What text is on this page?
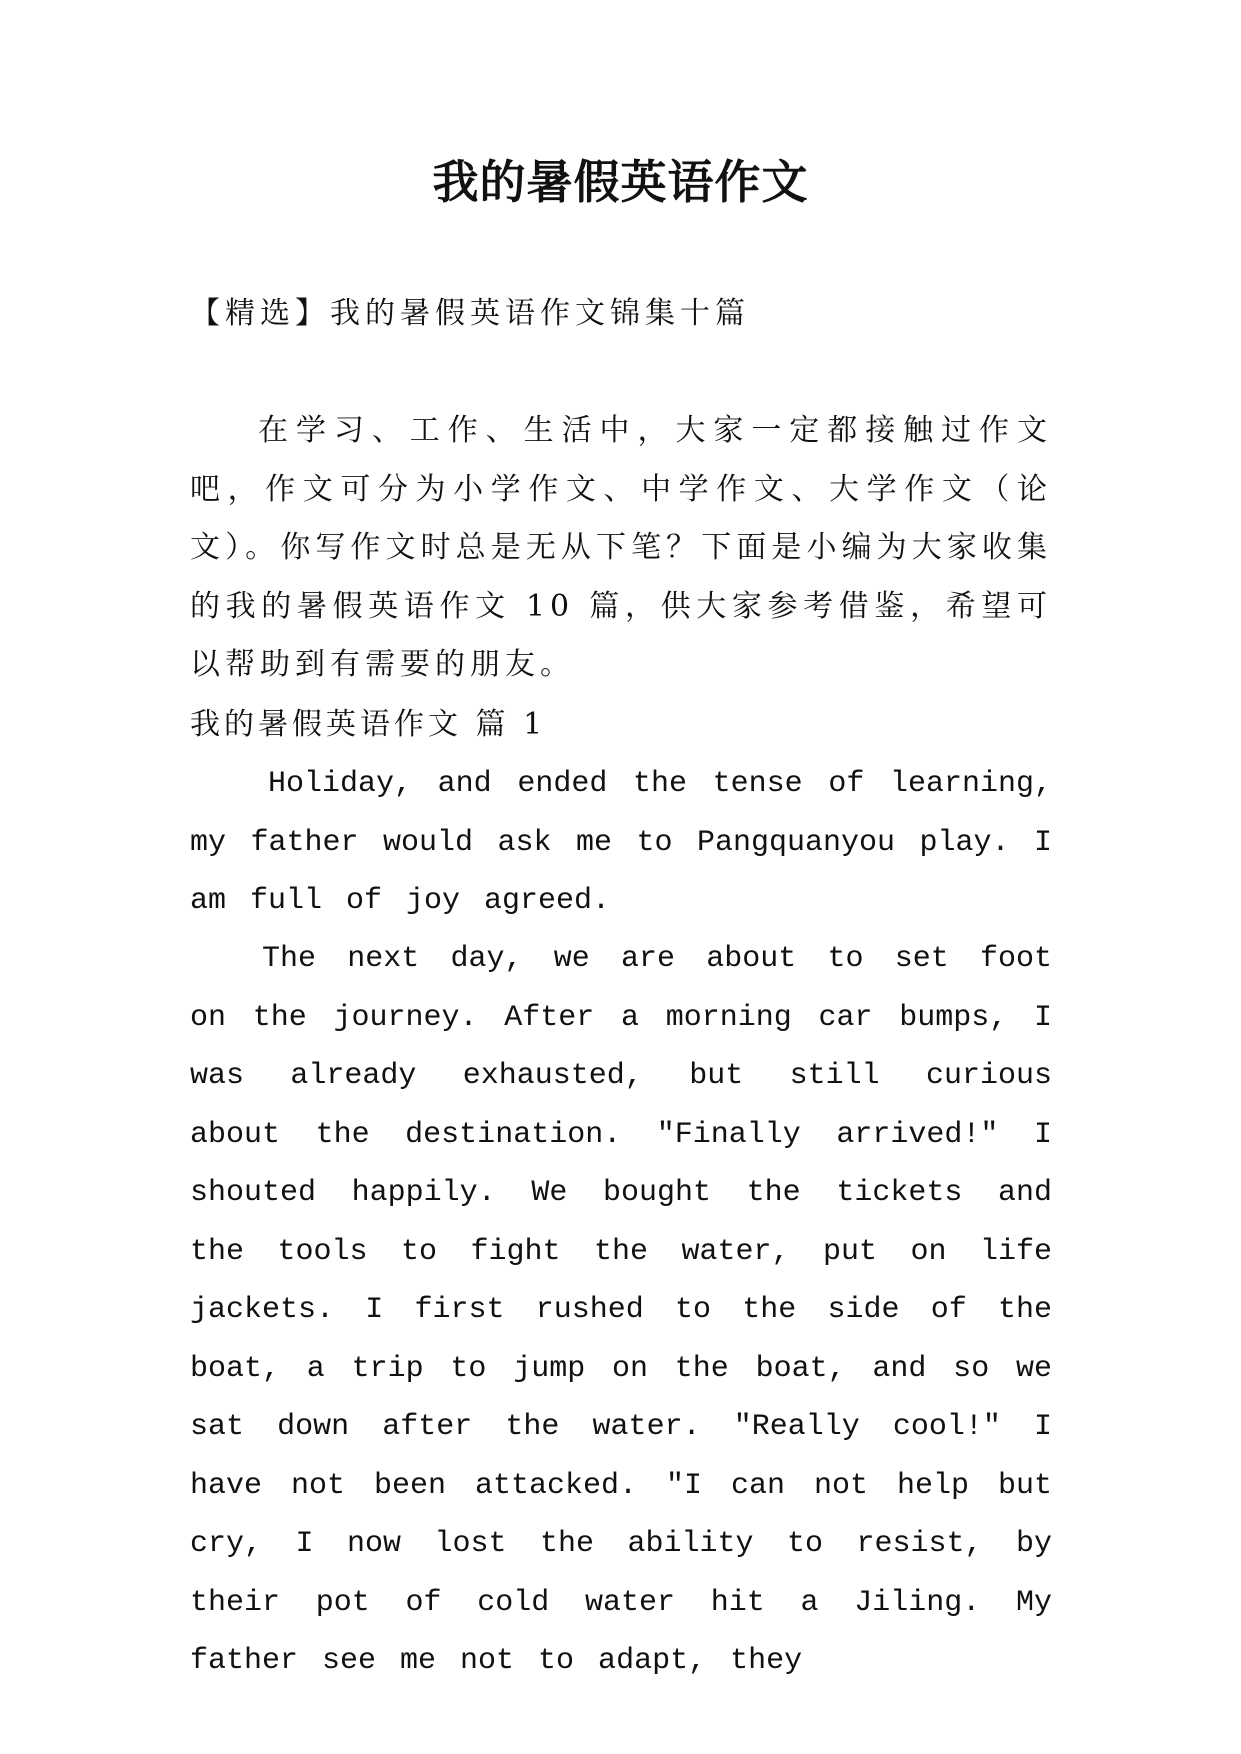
我的暑假英语作文

【精选】我的暑假英语作文锦集十篇

在学习、工作、生活中，大家一定都接触过作文吧，作文可分为小学作文、中学作文、大学作文（论文）。你写作文时总是无从下笔？下面是小编为大家收集的我的暑假英语作文 10 篇，供大家参考借鉴，希望可以帮助到有需要的朋友。

我的暑假英语作文 篇 1

Holiday, and ended the tense of learning, my father would ask me to Pangquanyou play. I am full of joy agreed.

The next day, we are about to set foot on the journey. After a morning car bumps, I was already exhausted, but still curious about the destination. "Finally arrived!" I shouted happily. We bought the tickets and the tools to fight the water, put on life jackets. I first rushed to the side of the boat, a trip to jump on the boat, and so we sat down after the water. "Really cool!" I have not been attacked. "I can not help but cry, I now lost the ability to resist, by their pot of cold water hit a Jiling. My father see me not to adapt, they
